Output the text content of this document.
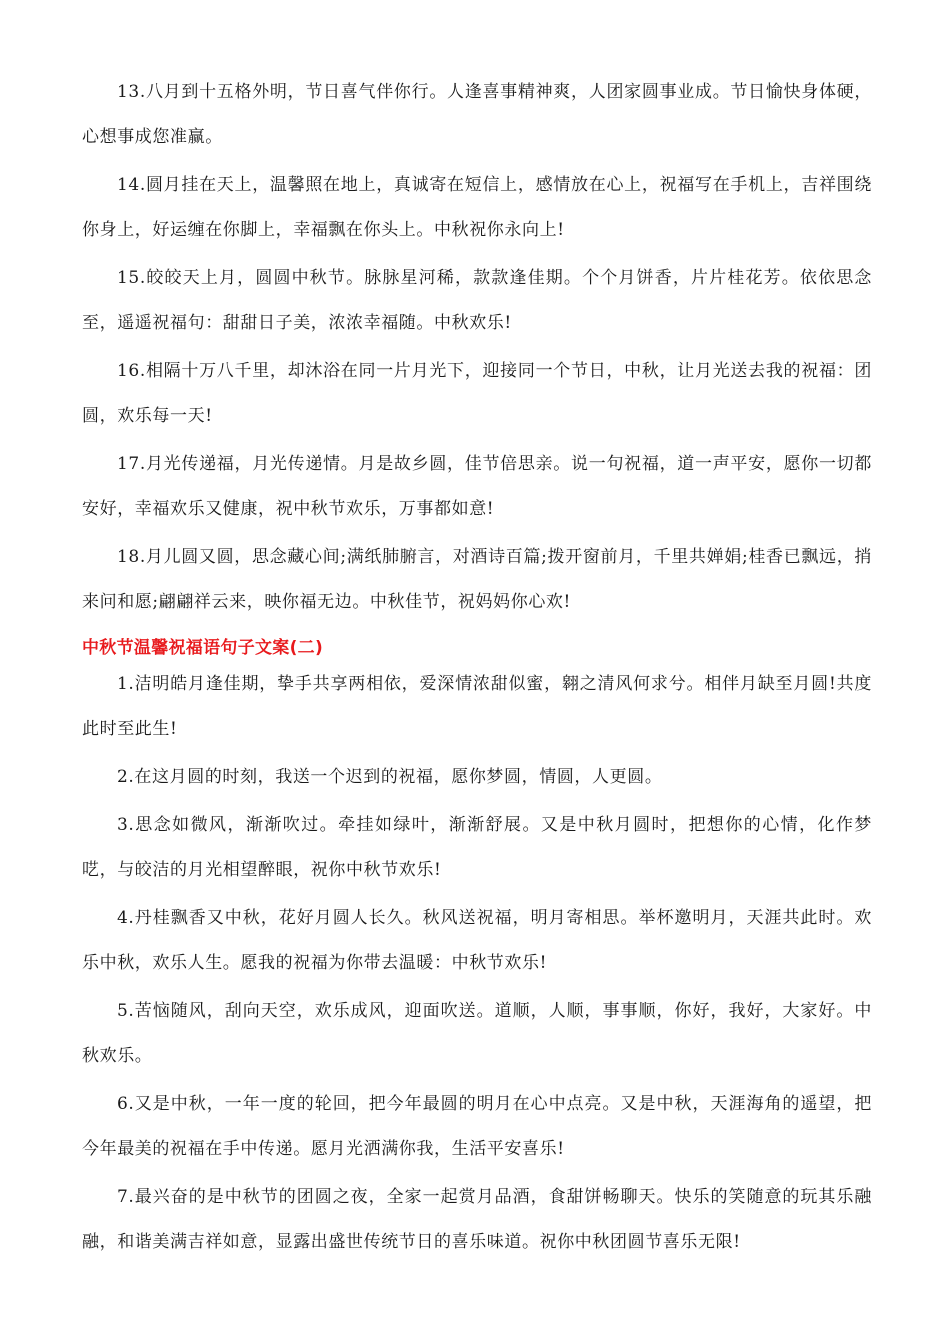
13.八月到十五格外明，节日喜气伴你行。人逢喜事精神爽，人团家圆事业成。节日愉快身体硬，心想事成您准赢。

14.圆月挂在天上，温馨照在地上，真诚寄在短信上，感情放在心上，祝福写在手机上，吉祥围绕你身上，好运缠在你脚上，幸福飘在你头上。中秋祝你永向上!

15.皎皎天上月，圆圆中秋节。脉脉星河稀，款款逢佳期。个个月饼香，片片桂花芳。依依思念至，遥遥祝福句：甜甜日子美，浓浓幸福随。中秋欢乐!

16.相隔十万八千里，却沐浴在同一片月光下，迎接同一个节日，中秋，让月光送去我的祝福：团圆，欢乐每一天!

17.月光传递福，月光传递情。月是故乡圆，佳节倍思亲。说一句祝福，道一声平安，愿你一切都安好，幸福欢乐又健康，祝中秋节欢乐，万事都如意!

18.月儿圆又圆，思念藏心间;满纸肺腑言，对酒诗百篇;拨开窗前月，千里共婵娟;桂香已飘远，捎来问和愿;翩翩祥云来，映你福无边。中秋佳节，祝妈妈你心欢!

中秋节温馨祝福语句子文案(二)

1.洁明皓月逢佳期，挚手共享两相依，爱深情浓甜似蜜，翱之清风何求兮。相伴月缺至月圆!共度此时至此生!

2.在这月圆的时刻，我送一个迟到的祝福，愿你梦圆，情圆，人更圆。

3.思念如微风，渐渐吹过。牵挂如绿叶，渐渐舒展。又是中秋月圆时，把想你的心情，化作梦呓，与皎洁的月光相望醉眼，祝你中秋节欢乐!

4.丹桂飘香又中秋，花好月圆人长久。秋风送祝福，明月寄相思。举杯邀明月，天涯共此时。欢乐中秋，欢乐人生。愿我的祝福为你带去温暖：中秋节欢乐!

5.苦恼随风，刮向天空，欢乐成风，迎面吹送。道顺，人顺，事事顺，你好，我好，大家好。中秋欢乐。

6.又是中秋，一年一度的轮回，把今年最圆的明月在心中点亮。又是中秋，天涯海角的遥望，把今年最美的祝福在手中传递。愿月光洒满你我，生活平安喜乐!

7.最兴奋的是中秋节的团圆之夜，全家一起赏月品酒，食甜饼畅聊天。快乐的笑随意的玩其乐融融，和谐美满吉祥如意，显露出盛世传统节日的喜乐味道。祝你中秋团圆节喜乐无限!
